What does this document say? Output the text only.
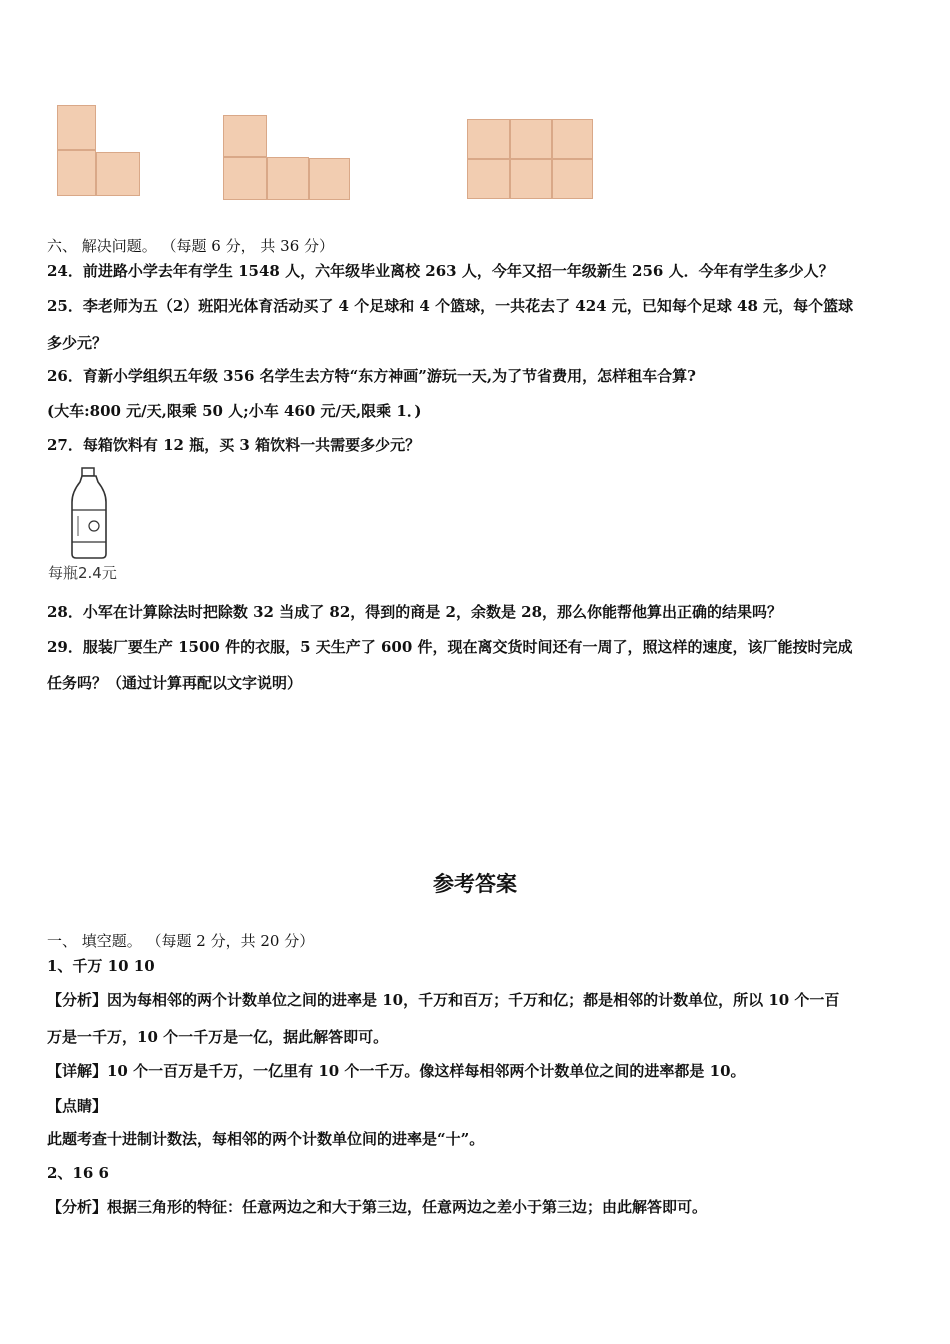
六、 解决问题。 （每题 6 分， 共 36 分）
24．前进路小学去年有学生 1548 人，六年级毕业离校 263 人，今年又招一年级新生 256 人．今年有学生多少人？
25．李老师为五（2）班阳光体育活动买了 4 个足球和 4 个篮球，一共花去了 424 元，已知每个足球 48 元，每个篮球
多少元？
26．育新小学组织五年级 356 名学生去方特“东方神画”游玩一天,为了节省费用，怎样租车合算?
(大车:800 元/天,限乘 50 人;小车 460 元/天,限乘 1．)
27．每箱饮料有 12 瓶，买 3 箱饮料一共需要多少元？
每瓶2.4元
28．小军在计算除法时把除数 32 当成了 82，得到的商是 2，余数是 28，那么你能帮他算出正确的结果吗？
29．服装厂要生产 1500 件的衣服，5 天生产了 600 件，现在离交货时间还有一周了，照这样的速度，该厂能按时完成
任务吗？（通过计算再配以文字说明）
参考答案
一、 填空题。 （每题 2 分，共 20 分）
1、千万 10 10
【分析】因为每相邻的两个计数单位之间的进率是 10，千万和百万；千万和亿；都是相邻的计数单位，所以 10 个一百
万是一千万，10 个一千万是一亿，据此解答即可。
【详解】10 个一百万是千万，一亿里有 10 个一千万。像这样每相邻两个计数单位之间的进率都是 10。
【点睛】
此题考查十进制计数法，每相邻的两个计数单位间的进率是“十”。
2、16 6
【分析】根据三角形的特征：任意两边之和大于第三边，任意两边之差小于第三边；由此解答即可。
